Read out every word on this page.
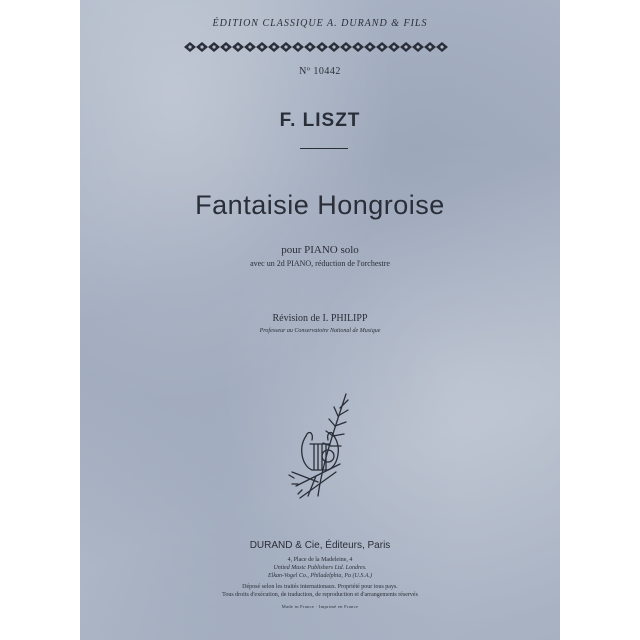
ÉDITION CLASSIQUE A. DURAND & FILS
Nº 10442
F. LISZT
Fantaisie Hongroise
pour PIANO solo
avec un 2d PIANO, réduction de l'orchestre
Révision de I. PHILIPP
Professeur au Conservatoire National de Musique
DURAND & Cie, Éditeurs, Paris
4, Place de la Madeleine, 4
United Music Publishers Ltd. Londres.
Elkan-Vogel Co., Philadelphia, Pa (U.S.A.)
Déposé selon les traités internationaux. Propriété pour tous pays.
Tous droits d'exécution, de traduction, de reproduction et d'arrangements réservés
Made in France · Imprimé en France
